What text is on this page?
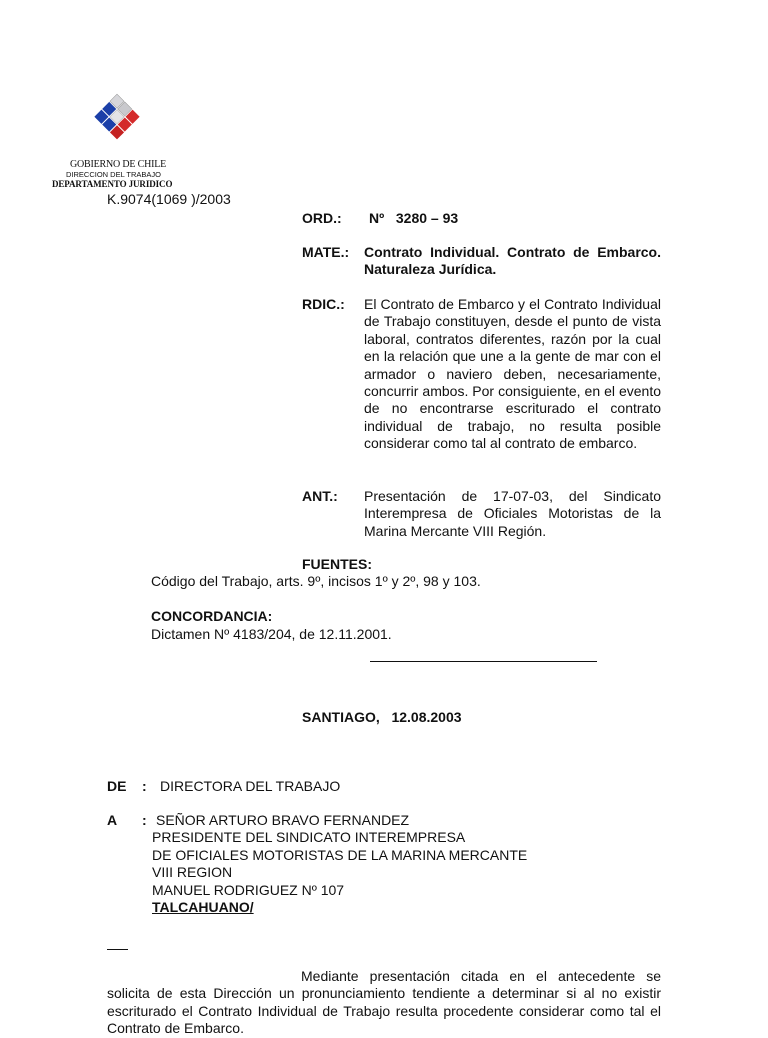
GOBIERNO DE CHILE
DIRECCION DEL TRABAJO
DEPARTAMENTO JURIDICO
K.9074(1069 )/2003
ORD.: Nº   3280 – 93
MATE.: Contrato Individual. Contrato de Embarco. Naturaleza Jurídica.
RDIC.: El Contrato de Embarco y el Contrato Individual de Trabajo constituyen, desde el punto de vista laboral, contratos diferentes, razón por la cual en la relación que une a la gente de mar con el armador o naviero deben, necesariamente, concurrir ambos. Por consiguiente, en el evento de no encontrarse escriturado el contrato individual de trabajo, no resulta posible considerar como tal al contrato de embarco.
ANT.: Presentación de 17-07-03, del Sindicato Interempresa de Oficiales Motoristas de la Marina Mercante VIII Región.
FUENTES:
Código del Trabajo, arts. 9º, incisos 1º y 2º, 98 y 103.
CONCORDANCIA:
Dictamen Nº 4183/204, de 12.11.2001.
SANTIAGO,   12.08.2003
DE : DIRECTORA DEL TRABAJO
A : SEÑOR ARTURO BRAVO FERNANDEZ
PRESIDENTE DEL SINDICATO INTEREMPRESA
DE OFICIALES MOTORISTAS DE LA MARINA MERCANTE
VIII REGION
MANUEL RODRIGUEZ Nº 107
TALCAHUANO/
Mediante presentación citada en el antecedente se solicita de esta Dirección un pronunciamiento tendiente a determinar si al no existir escriturado el Contrato Individual de Trabajo resulta procedente considerar como tal el Contrato de Embarco.
